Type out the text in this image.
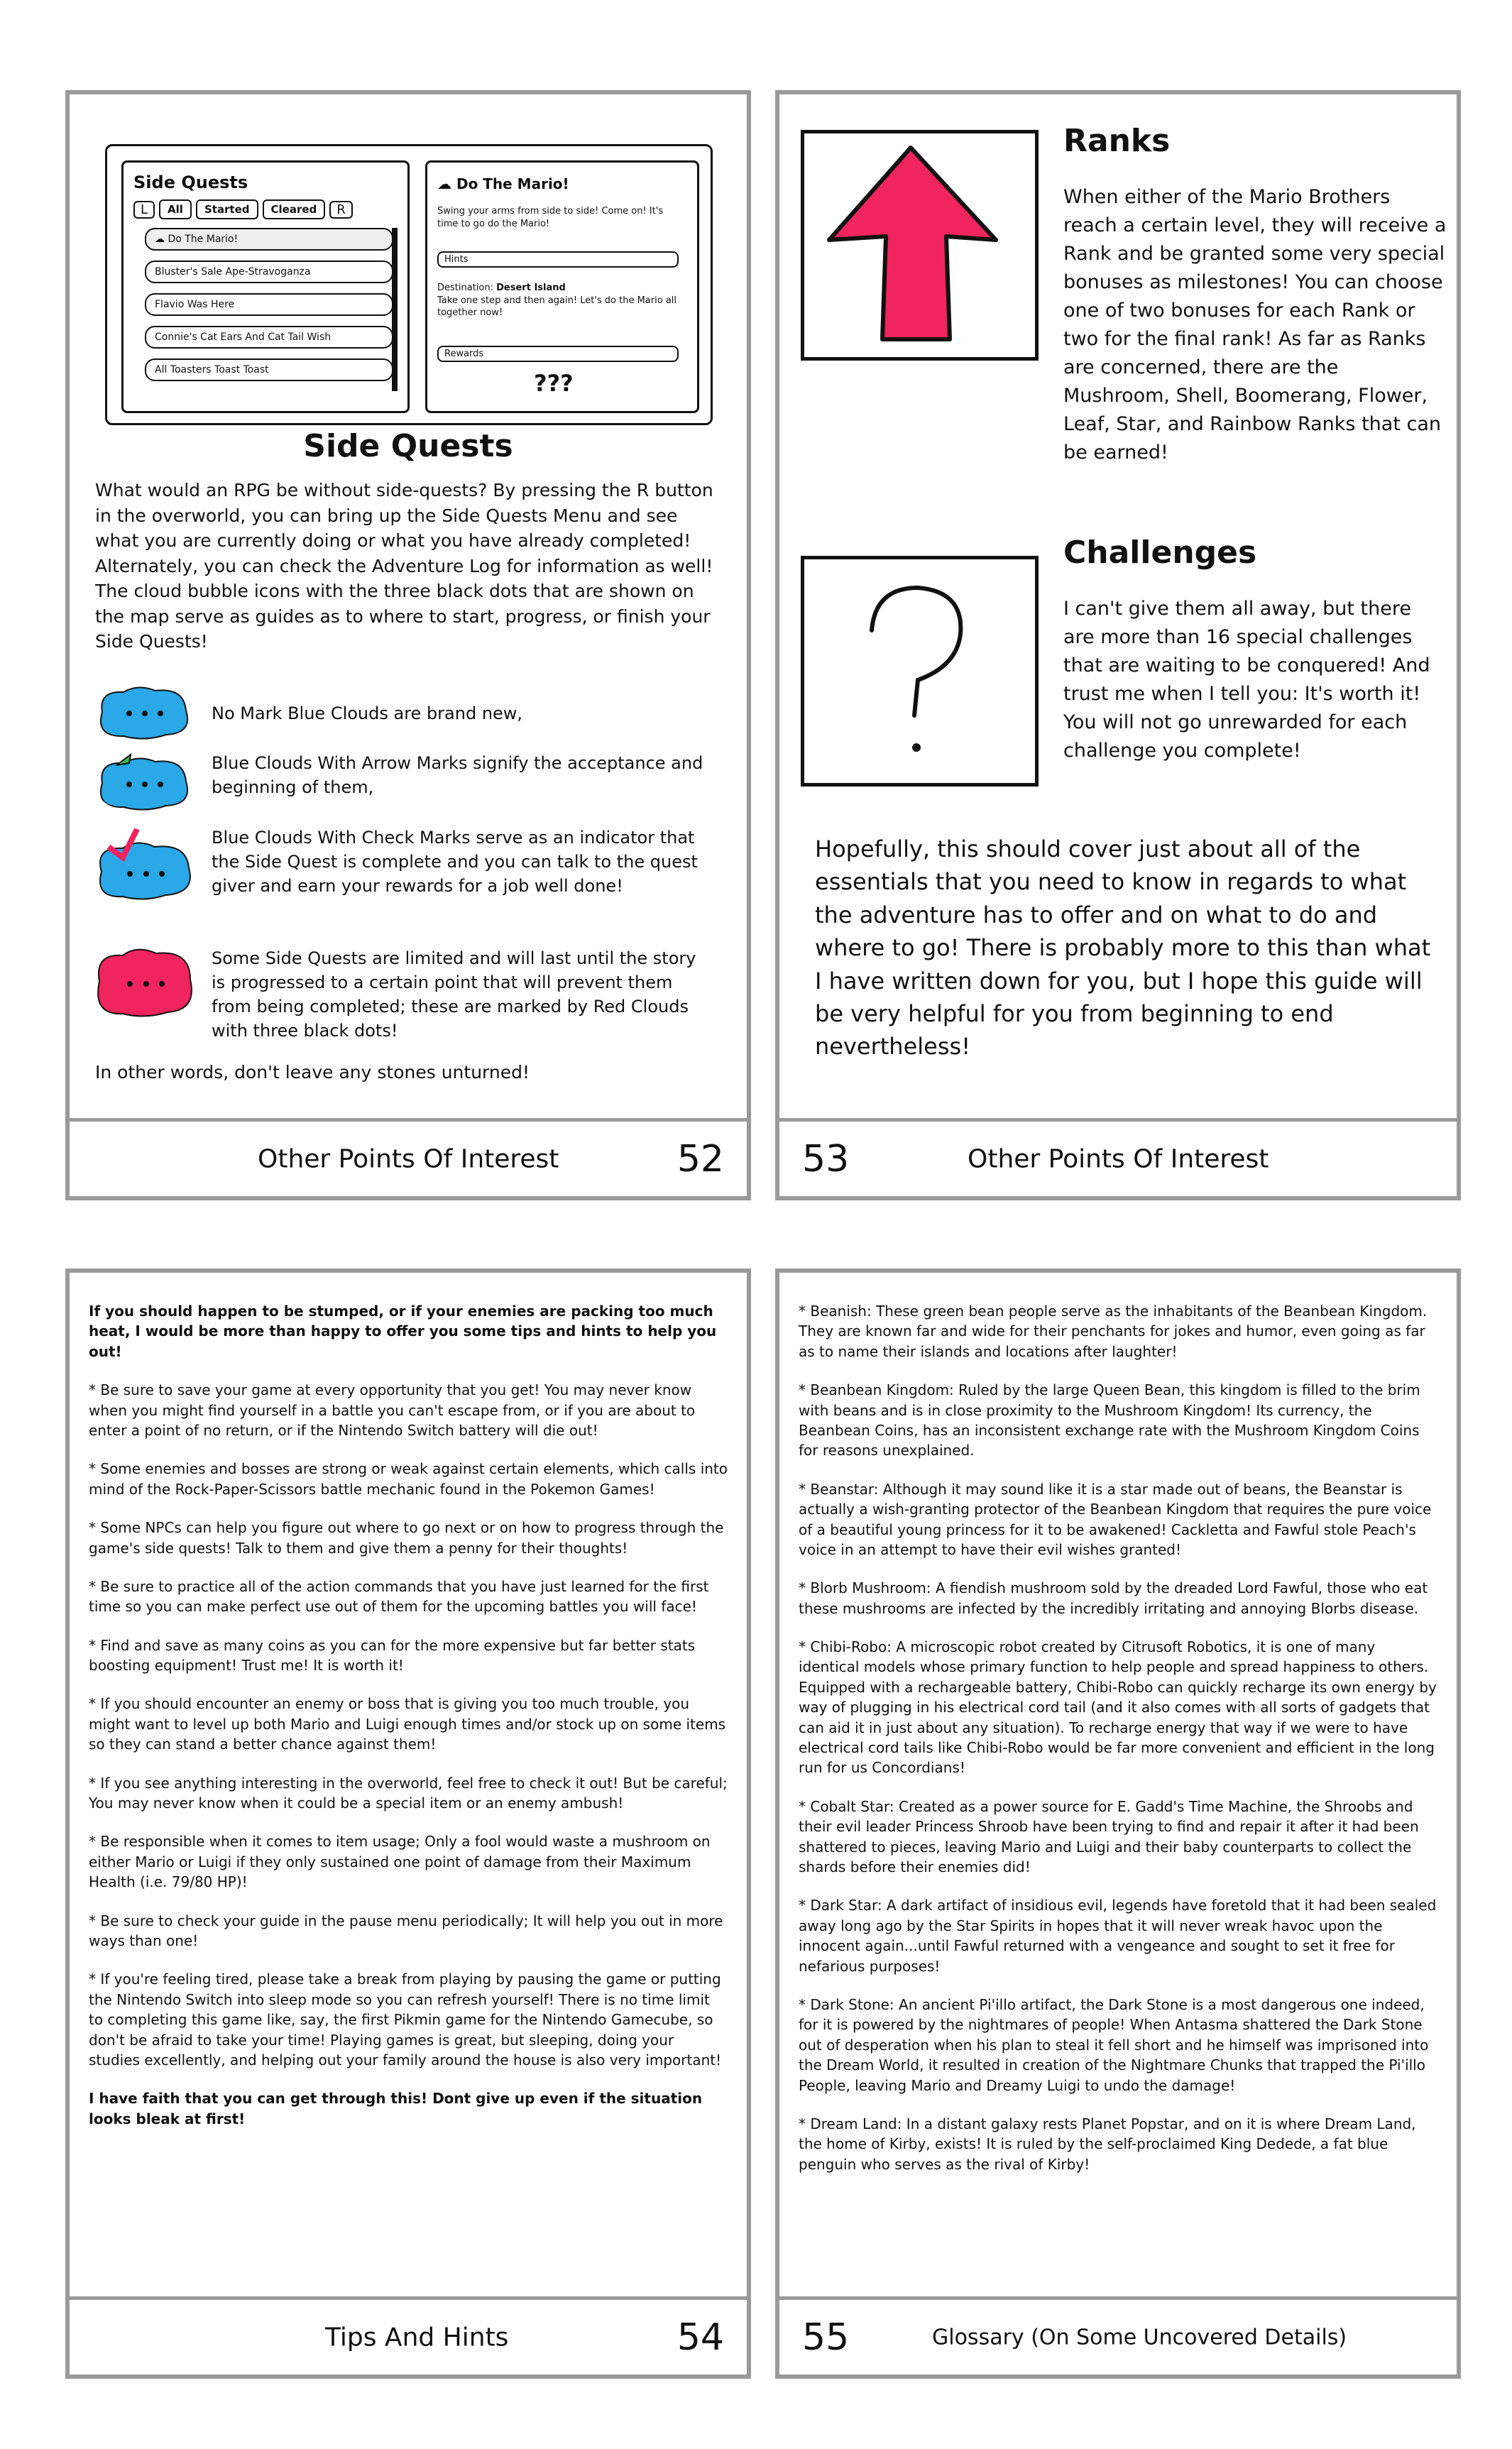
Side Quests
L	All	Started	Cleared	R
☁ Do The Mario!
Bluster's Sale Ape-Stravoganza
Flavio Was Here
Connie's Cat Ears And Cat Tail Wish
All Toasters Toast Toast
☁ Do The Mario!
Swing your arms from side to side! Come on! It's time to go do the Mario!
Hints
Destination: Desert Island
Take one step and then again! Let's do the Mario all together now!
Rewards
???
Side Quests
What would an RPG be without side-quests? By pressing the R button in the overworld, you can bring up the Side Quests Menu and see what you are currently doing or what you have already completed! Alternately, you can check the Adventure Log for information as well! The cloud bubble icons with the three black dots that are shown on the map serve as guides as to where to start, progress, or finish your Side Quests!
No Mark Blue Clouds are brand new,
Blue Clouds With Arrow Marks signify the acceptance and beginning of them,
Blue Clouds With Check Marks serve as an indicator that the Side Quest is complete and you can talk to the quest giver and earn your rewards for a job well done!
Some Side Quests are limited and will last until the story is progressed to a certain point that will prevent them from being completed; these are marked by Red Clouds with three black dots!
In other words, don't leave any stones unturned!
Other Points Of Interest	52
Ranks
When either of the Mario Brothers reach a certain level, they will receive a Rank and be granted some very special bonuses as milestones! You can choose one of two bonuses for each Rank or two for the final rank! As far as Ranks are concerned, there are the Mushroom, Shell, Boomerang, Flower, Leaf, Star, and Rainbow Ranks that can be earned!
Challenges
I can't give them all away, but there are more than 16 special challenges that are waiting to be conquered! And trust me when I tell you: It's worth it! You will not go unrewarded for each challenge you complete!
Hopefully, this should cover just about all of the essentials that you need to know in regards to what the adventure has to offer and on what to do and where to go! There is probably more to this than what I have written down for you, but I hope this guide will be very helpful for you from beginning to end nevertheless!
53	Other Points Of Interest

If you should happen to be stumped, or if your enemies are packing too much heat, I would be more than happy to offer you some tips and hints to help you out!

* Be sure to save your game at every opportunity that you get! You may never know when you might find yourself in a battle you can't escape from, or if you are about to enter a point of no return, or if the Nintendo Switch battery will die out!

* Some enemies and bosses are strong or weak against certain elements, which calls into mind of the Rock-Paper-Scissors battle mechanic found in the Pokemon Games!

* Some NPCs can help you figure out where to go next or on how to progress through the game's side quests! Talk to them and give them a penny for their thoughts!

* Be sure to practice all of the action commands that you have just learned for the first time so you can make perfect use out of them for the upcoming battles you will face!

* Find and save as many coins as you can for the more expensive but far better stats boosting equipment! Trust me! It is worth it!

* If you should encounter an enemy or boss that is giving you too much trouble, you might want to level up both Mario and Luigi enough times and/or stock up on some items so they can stand a better chance against them!

* If you see anything interesting in the overworld, feel free to check it out! But be careful; You may never know when it could be a special item or an enemy ambush!

* Be responsible when it comes to item usage; Only a fool would waste a mushroom on either Mario or Luigi if they only sustained one point of damage from their Maximum Health (i.e. 79/80 HP)!

* Be sure to check your guide in the pause menu periodically; It will help you out in more ways than one!

* If you're feeling tired, please take a break from playing by pausing the game or putting the Nintendo Switch into sleep mode so you can refresh yourself! There is no time limit to completing this game like, say, the first Pikmin game for the Nintendo Gamecube, so don't be afraid to take your time! Playing games is great, but sleeping, doing your studies excellently, and helping out your family around the house is also very important!

I have faith that you can get through this! Dont give up even if the situation looks bleak at first!

Tips And Hints	54

* Beanish: These green bean people serve as the inhabitants of the Beanbean Kingdom. They are known far and wide for their penchants for jokes and humor, even going as far as to name their islands and locations after laughter!

* Beanbean Kingdom: Ruled by the large Queen Bean, this kingdom is filled to the brim with beans and is in close proximity to the Mushroom Kingdom! Its currency, the Beanbean Coins, has an inconsistent exchange rate with the Mushroom Kingdom Coins for reasons unexplained.

* Beanstar: Although it may sound like it is a star made out of beans, the Beanstar is actually a wish-granting protector of the Beanbean Kingdom that requires the pure voice of a beautiful young princess for it to be awakened! Cackletta and Fawful stole Peach's voice in an attempt to have their evil wishes granted!

* Blorb Mushroom: A fiendish mushroom sold by the dreaded Lord Fawful, those who eat these mushrooms are infected by the incredibly irritating and annoying Blorbs disease.

* Chibi-Robo: A microscopic robot created by Citrusoft Robotics, it is one of many identical models whose primary function to help people and spread happiness to others. Equipped with a rechargeable battery, Chibi-Robo can quickly recharge its own energy by way of plugging in his electrical cord tail (and it also comes with all sorts of gadgets that can aid it in just about any situation). To recharge energy that way if we were to have electrical cord tails like Chibi-Robo would be far more convenient and efficient in the long run for us Concordians!

* Cobalt Star: Created as a power source for E. Gadd's Time Machine, the Shroobs and their evil leader Princess Shroob have been trying to find and repair it after it had been shattered to pieces, leaving Mario and Luigi and their baby counterparts to collect the shards before their enemies did!

* Dark Star: A dark artifact of insidious evil, legends have foretold that it had been sealed away long ago by the Star Spirits in hopes that it will never wreak havoc upon the innocent again...until Fawful returned with a vengeance and sought to set it free for nefarious purposes!

* Dark Stone: An ancient Pi'illo artifact, the Dark Stone is a most dangerous one indeed, for it is powered by the nightmares of people! When Antasma shattered the Dark Stone out of desperation when his plan to steal it fell short and he himself was imprisoned into the Dream World, it resulted in creation of the Nightmare Chunks that trapped the Pi'illo People, leaving Mario and Dreamy Luigi to undo the damage!

* Dream Land: In a distant galaxy rests Planet Popstar, and on it is where Dream Land, the home of Kirby, exists! It is ruled by the self-proclaimed King Dedede, a fat blue penguin who serves as the rival of Kirby!

55	Glossary (On Some Uncovered Details)
